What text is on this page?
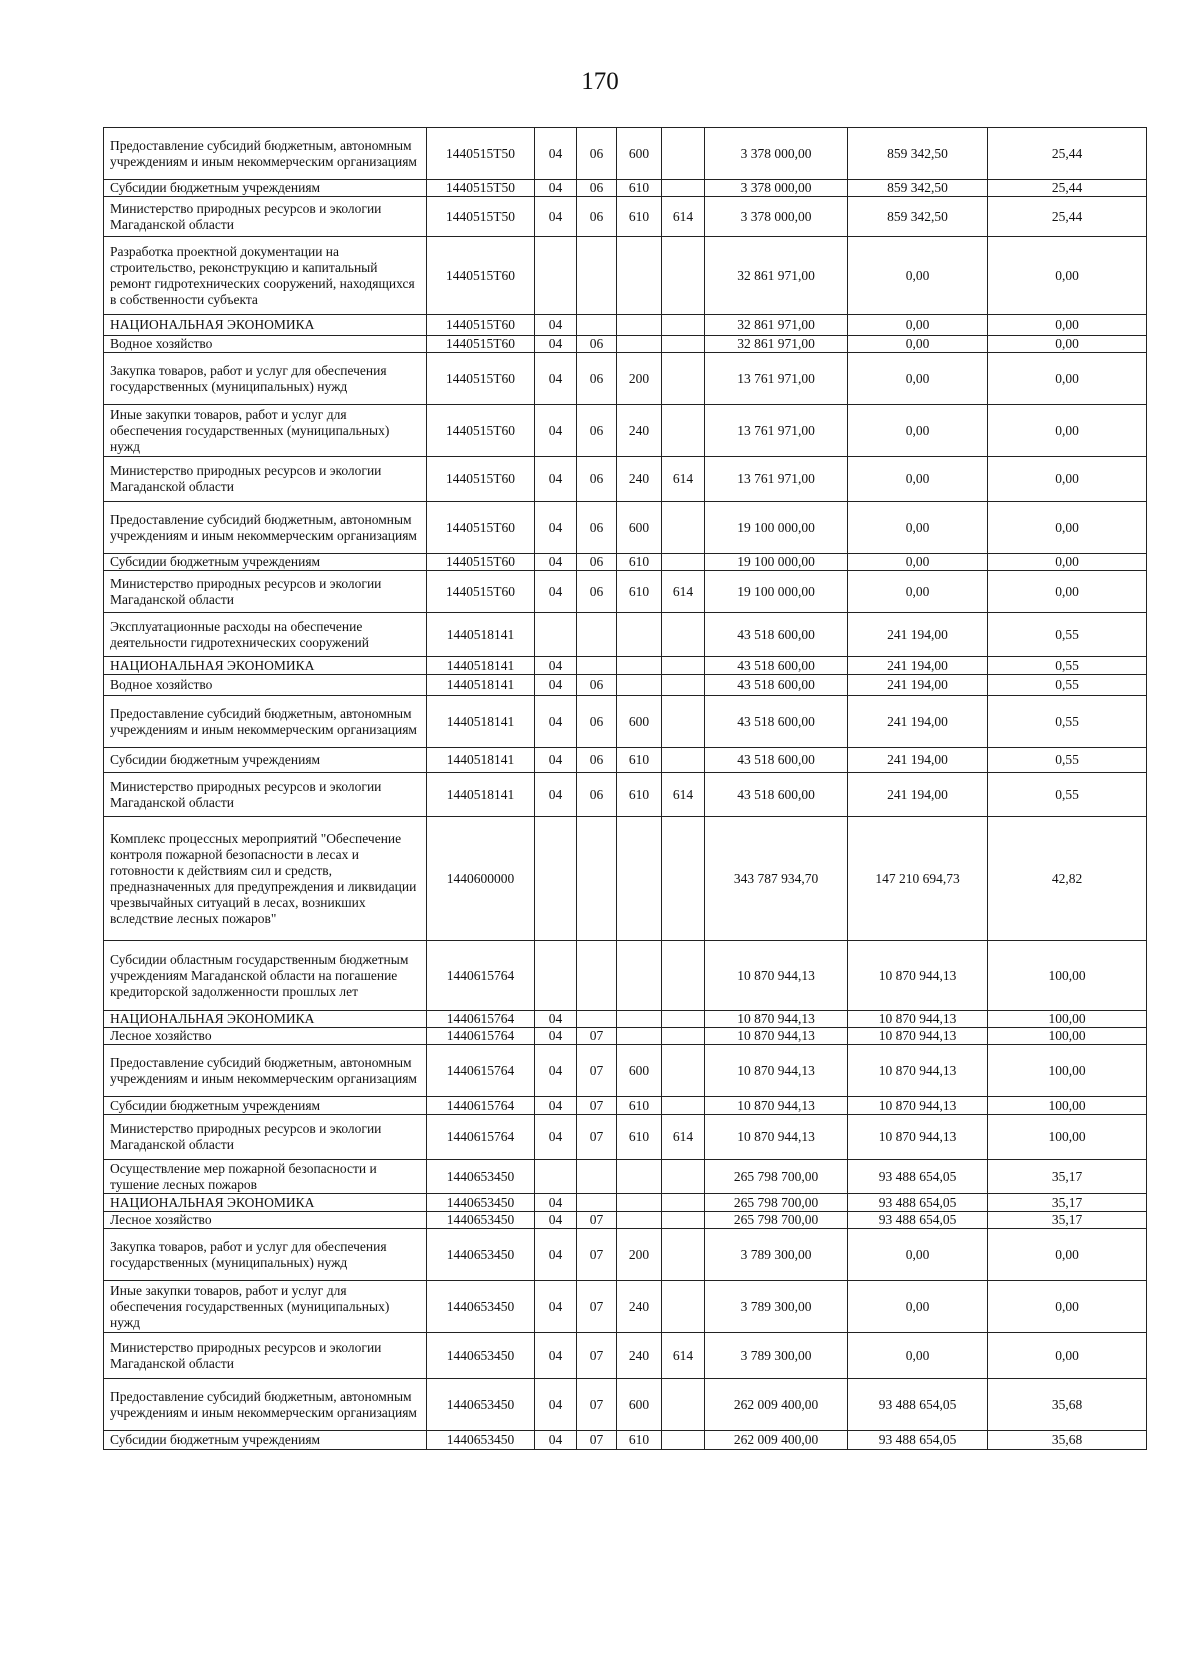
170
Предоставление субсидий бюджетным, автономным учреждениям и иным некоммерческим организациям	1440515Т50	04	06	600		3 378 000,00	859 342,50	25,44
Субсидии бюджетным учреждениям	1440515Т50	04	06	610		3 378 000,00	859 342,50	25,44
Министерство природных ресурсов и экологии Магаданской области	1440515Т50	04	06	610	614	3 378 000,00	859 342,50	25,44
Разработка проектной документации на строительство, реконструкцию и капитальный ремонт гидротехнических сооружений, находящихся в собственности субъекта	1440515Т60					32 861 971,00	0,00	0,00
НАЦИОНАЛЬНАЯ ЭКОНОМИКА	1440515Т60	04				32 861 971,00	0,00	0,00
Водное хозяйство	1440515Т60	04	06			32 861 971,00	0,00	0,00
Закупка товаров, работ и услуг для обеспечения государственных (муниципальных) нужд	1440515Т60	04	06	200		13 761 971,00	0,00	0,00
Иные закупки товаров, работ и услуг для обеспечения государственных (муниципальных) нужд	1440515Т60	04	06	240		13 761 971,00	0,00	0,00
Министерство природных ресурсов и экологии Магаданской области	1440515Т60	04	06	240	614	13 761 971,00	0,00	0,00
Предоставление субсидий бюджетным, автономным учреждениям и иным некоммерческим организациям	1440515Т60	04	06	600		19 100 000,00	0,00	0,00
Субсидии бюджетным учреждениям	1440515Т60	04	06	610		19 100 000,00	0,00	0,00
Министерство природных ресурсов и экологии Магаданской области	1440515Т60	04	06	610	614	19 100 000,00	0,00	0,00
Эксплуатационные расходы на обеспечение деятельности гидротехнических сооружений	1440518141					43 518 600,00	241 194,00	0,55
НАЦИОНАЛЬНАЯ ЭКОНОМИКА	1440518141	04				43 518 600,00	241 194,00	0,55
Водное хозяйство	1440518141	04	06			43 518 600,00	241 194,00	0,55
Предоставление субсидий бюджетным, автономным учреждениям и иным некоммерческим организациям	1440518141	04	06	600		43 518 600,00	241 194,00	0,55
Субсидии бюджетным учреждениям	1440518141	04	06	610		43 518 600,00	241 194,00	0,55
Министерство природных ресурсов и экологии Магаданской области	1440518141	04	06	610	614	43 518 600,00	241 194,00	0,55
Комплекс процессных мероприятий "Обеспечение контроля пожарной безопасности в лесах и готовности к действиям сил и средств, предназначенных для предупреждения и ликвидации чрезвычайных ситуаций в лесах, возникших вследствие лесных пожаров"	1440600000					343 787 934,70	147 210 694,73	42,82
Субсидии областным государственным бюджетным учреждениям Магаданской области на погашение кредиторской задолженности прошлых лет	1440615764					10 870 944,13	10 870 944,13	100,00
НАЦИОНАЛЬНАЯ ЭКОНОМИКА	1440615764	04				10 870 944,13	10 870 944,13	100,00
Лесное хозяйство	1440615764	04	07			10 870 944,13	10 870 944,13	100,00
Предоставление субсидий бюджетным, автономным учреждениям и иным некоммерческим организациям	1440615764	04	07	600		10 870 944,13	10 870 944,13	100,00
Субсидии бюджетным учреждениям	1440615764	04	07	610		10 870 944,13	10 870 944,13	100,00
Министерство природных ресурсов и экологии Магаданской области	1440615764	04	07	610	614	10 870 944,13	10 870 944,13	100,00
Осуществление мер пожарной безопасности и тушение лесных пожаров	1440653450					265 798 700,00	93 488 654,05	35,17
НАЦИОНАЛЬНАЯ ЭКОНОМИКА	1440653450	04				265 798 700,00	93 488 654,05	35,17
Лесное хозяйство	1440653450	04	07			265 798 700,00	93 488 654,05	35,17
Закупка товаров, работ и услуг для обеспечения государственных (муниципальных) нужд	1440653450	04	07	200		3 789 300,00	0,00	0,00
Иные закупки товаров, работ и услуг для обеспечения государственных (муниципальных) нужд	1440653450	04	07	240		3 789 300,00	0,00	0,00
Министерство природных ресурсов и экологии Магаданской области	1440653450	04	07	240	614	3 789 300,00	0,00	0,00
Предоставление субсидий бюджетным, автономным учреждениям и иным некоммерческим организациям	1440653450	04	07	600		262 009 400,00	93 488 654,05	35,68
Субсидии бюджетным учреждениям	1440653450	04	07	610		262 009 400,00	93 488 654,05	35,68
